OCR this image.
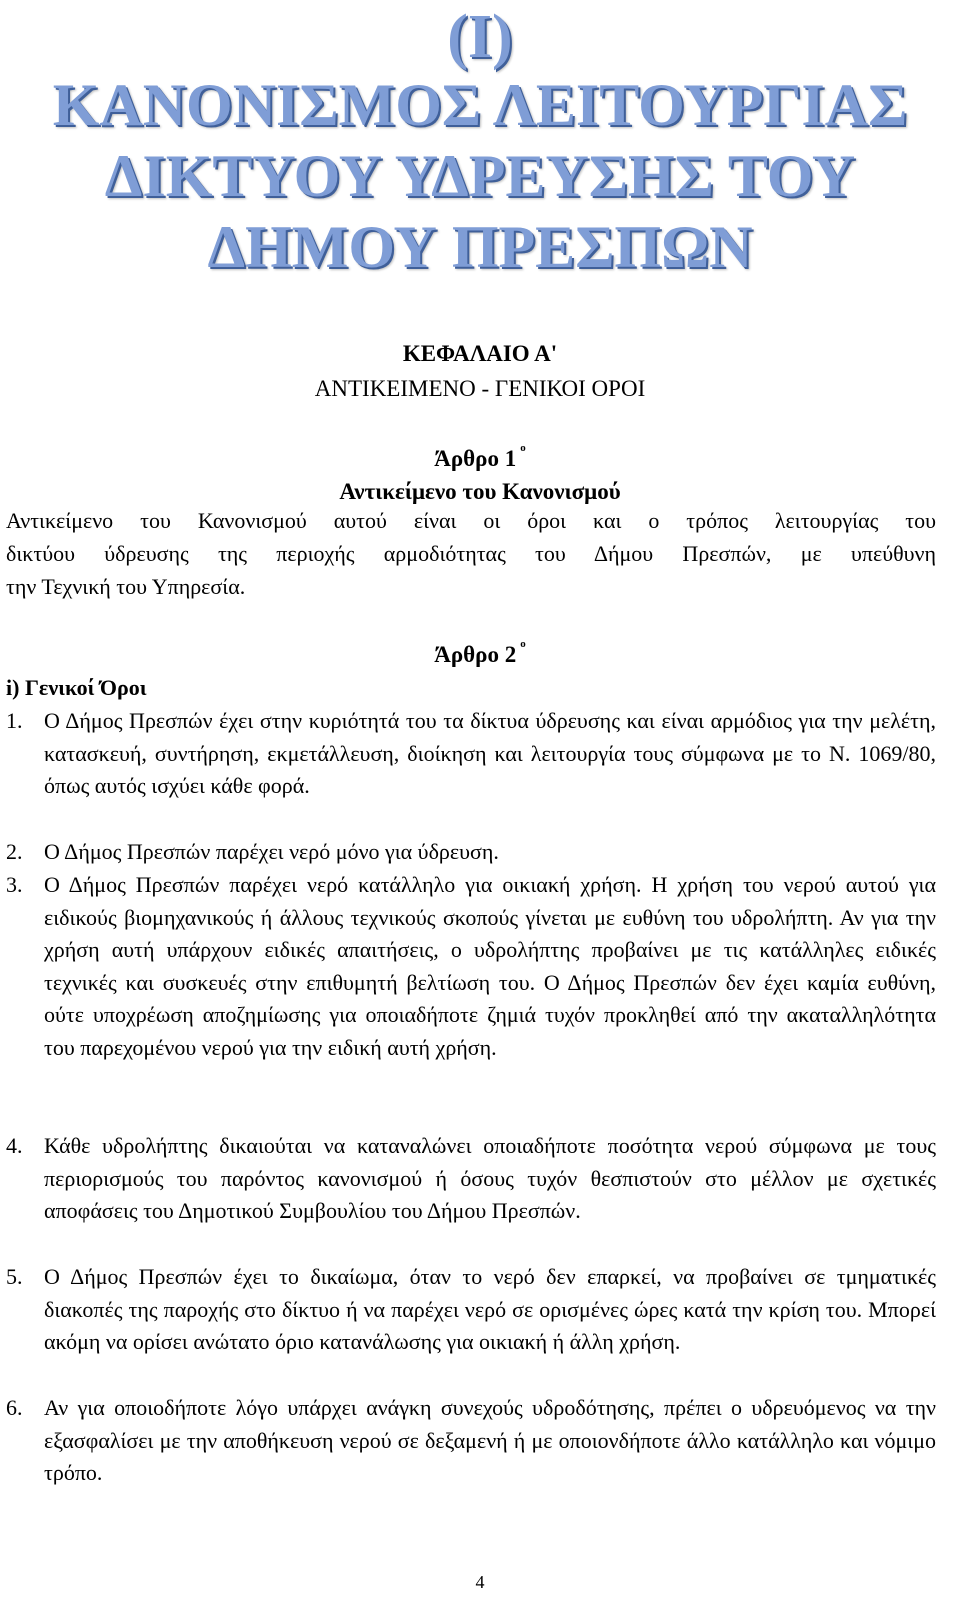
(Ι)
ΚΑΝΟΝΙΣΜΟΣ ΛΕΙΤΟΥΡΓΙΑΣ
ΔΙΚΤΥΟΥ ΥΔΡΕΥΣΗΣ ΤΟΥ
ΔΗΜΟΥ ΠΡΕΣΠΩΝ
ΚΕΦΑΛΑΙΟ Α'
ΑΝΤΙΚΕΙΜΕΝΟ - ΓΕΝΙΚΟΙ ΟΡΟΙ
Άρθρο 1 $^o$
Αντικείμενο του Κανονισμού
Αντικείμενο του Κανονισμού αυτού είναι οι όροι και ο τρόπος λειτουργίας του
δικτύου ύδρευσης της περιοχής αρμοδιότητας του Δήμου Πρεσπών, με υπεύθυνη
την Τεχνική του Υπηρεσία.
Άρθρο 2 $^o$
i) Γενικοί Όροι
1. Ο Δήμος Πρεσπών έχει στην κυριότητά του τα δίκτυα ύδρευσης και είναι αρμόδιος για την μελέτη, κατασκευή, συντήρηση, εκμετάλλευση, διοίκηση και λειτουργία τους σύμφωνα με το Ν. 1069/80, όπως αυτός ισχύει κάθε φορά.
2. Ο Δήμος Πρεσπών παρέχει νερό μόνο για ύδρευση.
3. Ο Δήμος Πρεσπών παρέχει νερό κατάλληλο για οικιακή χρήση. Η χρήση του νερού αυτού για ειδικούς βιομηχανικούς ή άλλους τεχνικούς σκοπούς γίνεται με ευθύνη του υδρολήπτη. Αν για την χρήση αυτή υπάρχουν ειδικές απαιτήσεις, ο υδρολήπτης προβαίνει με τις κατάλληλες ειδικές τεχνικές και συσκευές στην επιθυμητή βελτίωση του. Ο Δήμος Πρεσπών δεν έχει καμία ευθύνη, ούτε υποχρέωση αποζημίωσης για οποιαδήποτε ζημιά τυχόν προκληθεί από την ακαταλληλότητα του παρεχομένου νερού για την ειδική αυτή χρήση.
4. Κάθε υδρολήπτης δικαιούται να καταναλώνει οποιαδήποτε ποσότητα νερού σύμφωνα με τους περιορισμούς του παρόντος κανονισμού ή όσους τυχόν θεσπιστούν στο μέλλον με σχετικές αποφάσεις του Δημοτικού Συμβουλίου του Δήμου Πρεσπών.
5. Ο Δήμος Πρεσπών έχει το δικαίωμα, όταν το νερό δεν επαρκεί, να προβαίνει σε τμηματικές διακοπές της παροχής στο δίκτυο ή να παρέχει νερό σε ορισμένες ώρες κατά την κρίση του. Μπορεί ακόμη να ορίσει ανώτατο όριο κατανάλωσης για οικιακή ή άλλη χρήση.
6. Αν για οποιοδήποτε λόγο υπάρχει ανάγκη συνεχούς υδροδότησης, πρέπει ο υδρευόμενος να την εξασφαλίσει με την αποθήκευση νερού σε δεξαμενή ή με οποιονδήποτε άλλο κατάλληλο και νόμιμο τρόπο.
4
